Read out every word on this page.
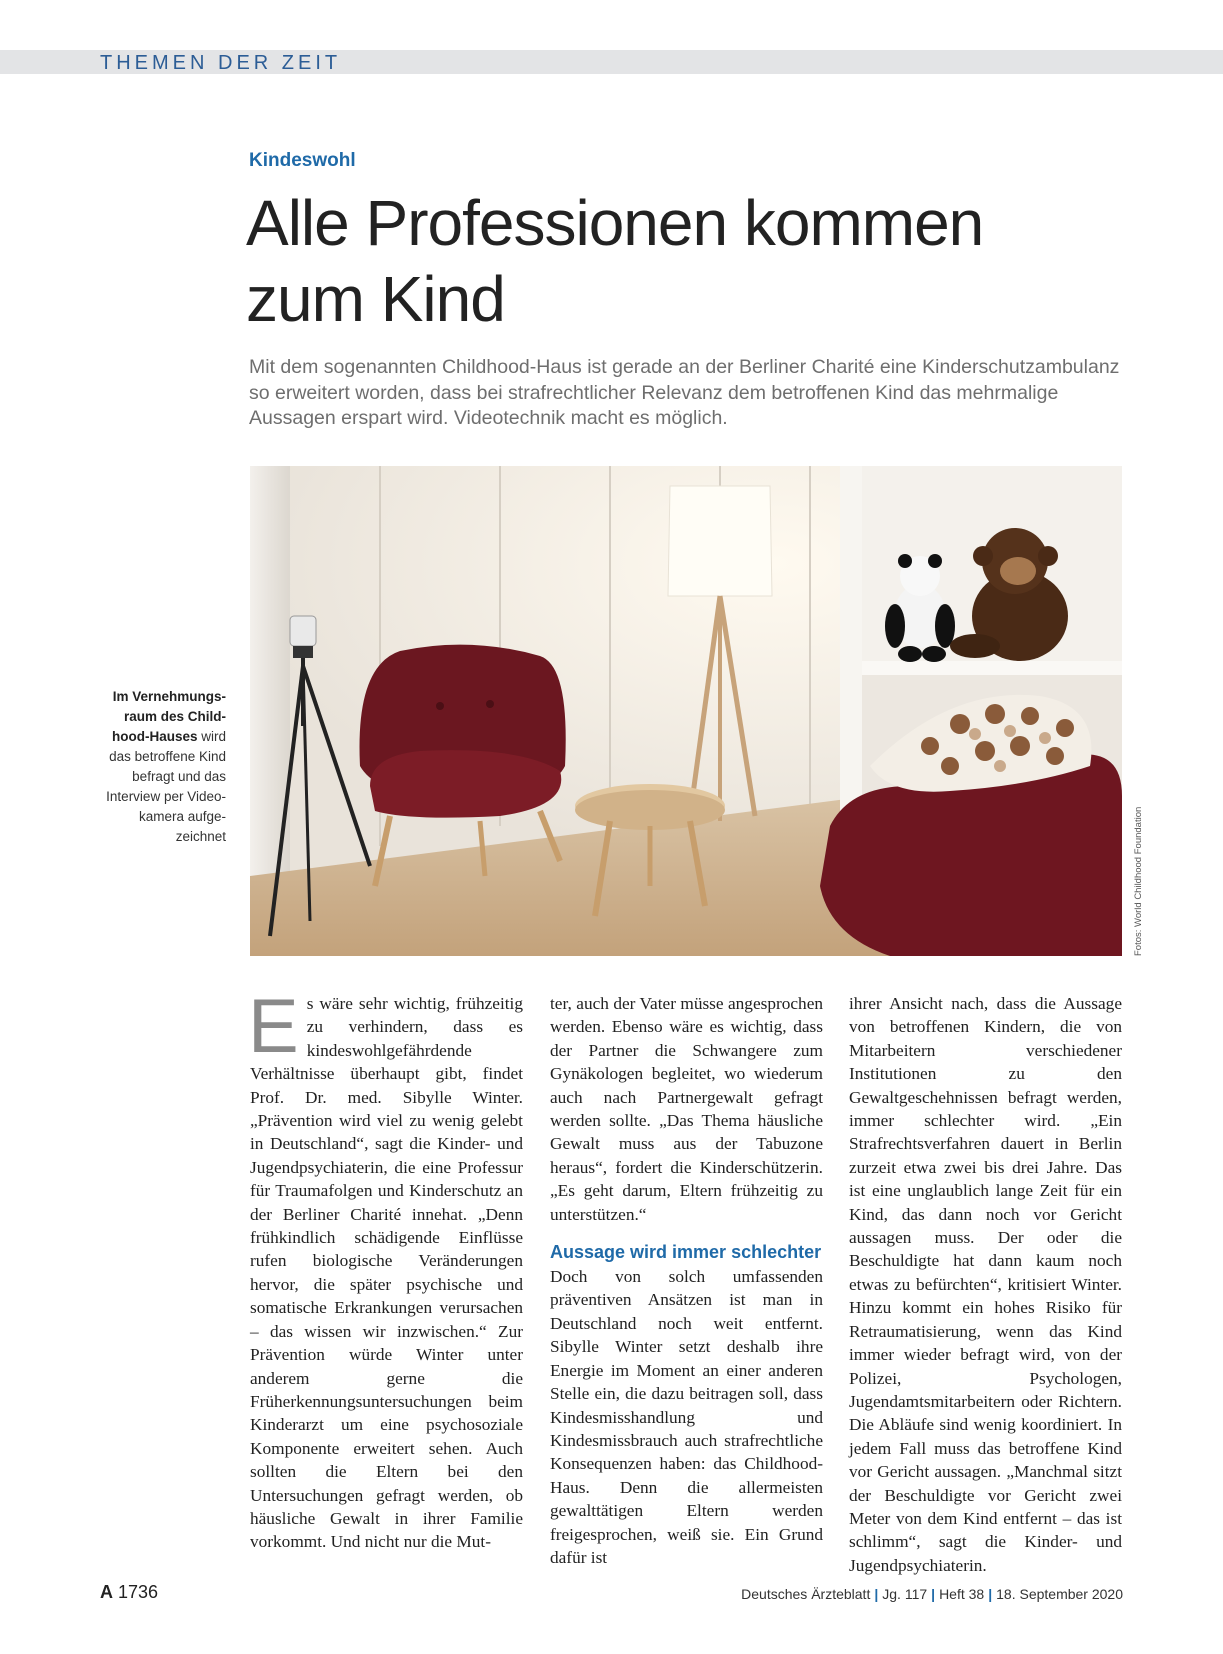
THEMEN DER ZEIT
Kindeswohl
Alle Professionen kommen
zum Kind
Mit dem sogenannten Childhood-Haus ist gerade an der Berliner Charité eine Kinderschutzambulanz so erweitert worden, dass bei strafrechtlicher Relevanz dem betroffenen Kind das mehrmalige Aussagen erspart wird. Videotechnik macht es möglich.
Im Vernehmungsraum des Childhood-Hauses wird das betroffene Kind befragt und das Interview per Videokamera aufgezeichnet	Fotos: World Childhood Foundation
E s wäre sehr wichtig, frühzeitig zu verhindern, dass es kindeswohlgefährdende Verhältnisse überhaupt gibt, findet Prof. Dr. med. Sibylle Winter. „Prävention wird viel zu wenig gelebt in Deutschland“, sagt die Kinder- und Jugendpsychiaterin, die eine Professur für Traumafolgen und Kinderschutz an der Berliner Charité innehat. „Denn frühkindlich schädigende Einflüsse rufen biologische Veränderungen hervor, die später psychische und somatische Erkrankungen verursachen – das wissen wir inzwischen.“ Zur Prävention würde Winter unter anderem gerne die Früherkennungsuntersuchungen beim Kinderarzt um eine psychosoziale Komponente erweitert sehen. Auch sollten die Eltern bei den Untersuchungen gefragt werden, ob häusliche Gewalt in ihrer Familie vorkommt. Und nicht nur die Mut-

ter, auch der Vater müsse angesprochen werden. Ebenso wäre es wichtig, dass der Partner die Schwangere zum Gynäkologen begleitet, wo wiederum auch nach Partnergewalt gefragt werden sollte. „Das Thema häusliche Gewalt muss aus der Tabuzone heraus“, fordert die Kinderschützerin. „Es geht darum, Eltern frühzeitig zu unterstützen.“

Aussage wird immer schlechter

Doch von solch umfassenden präventiven Ansätzen ist man in Deutschland noch weit entfernt. Sibylle Winter setzt deshalb ihre Energie im Moment an einer anderen Stelle ein, die dazu beitragen soll, dass Kindesmisshandlung und Kindesmissbrauch auch strafrechtliche Konsequenzen haben: das Childhood-Haus. Denn die allermeisten gewalttätigen Eltern werden freigesprochen, weiß sie. Ein Grund dafür ist

ihrer Ansicht nach, dass die Aussage von betroffenen Kindern, die von Mitarbeitern verschiedener Institutionen zu den Gewaltgeschehnissen befragt werden, immer schlechter wird. „Ein Strafrechtsverfahren dauert in Berlin zurzeit etwa zwei bis drei Jahre. Das ist eine unglaublich lange Zeit für ein Kind, das dann noch vor Gericht aussagen muss. Der oder die Beschuldigte hat dann kaum noch etwas zu befürchten“, kritisiert Winter. Hinzu kommt ein hohes Risiko für Retraumatisierung, wenn das Kind immer wieder befragt wird, von der Polizei, Psychologen, Jugendamtsmitarbeitern oder Richtern. Die Abläufe sind wenig koordiniert. In jedem Fall muss das betroffene Kind vor Gericht aussagen. „Manchmal sitzt der Beschuldigte vor Gericht zwei Meter von dem Kind entfernt – das ist schlimm“, sagt die Kinder- und Jugendpsychiaterin.

A 1736	Deutsches Ärzteblatt | Jg. 117 | Heft 38 | 18. September 2020
